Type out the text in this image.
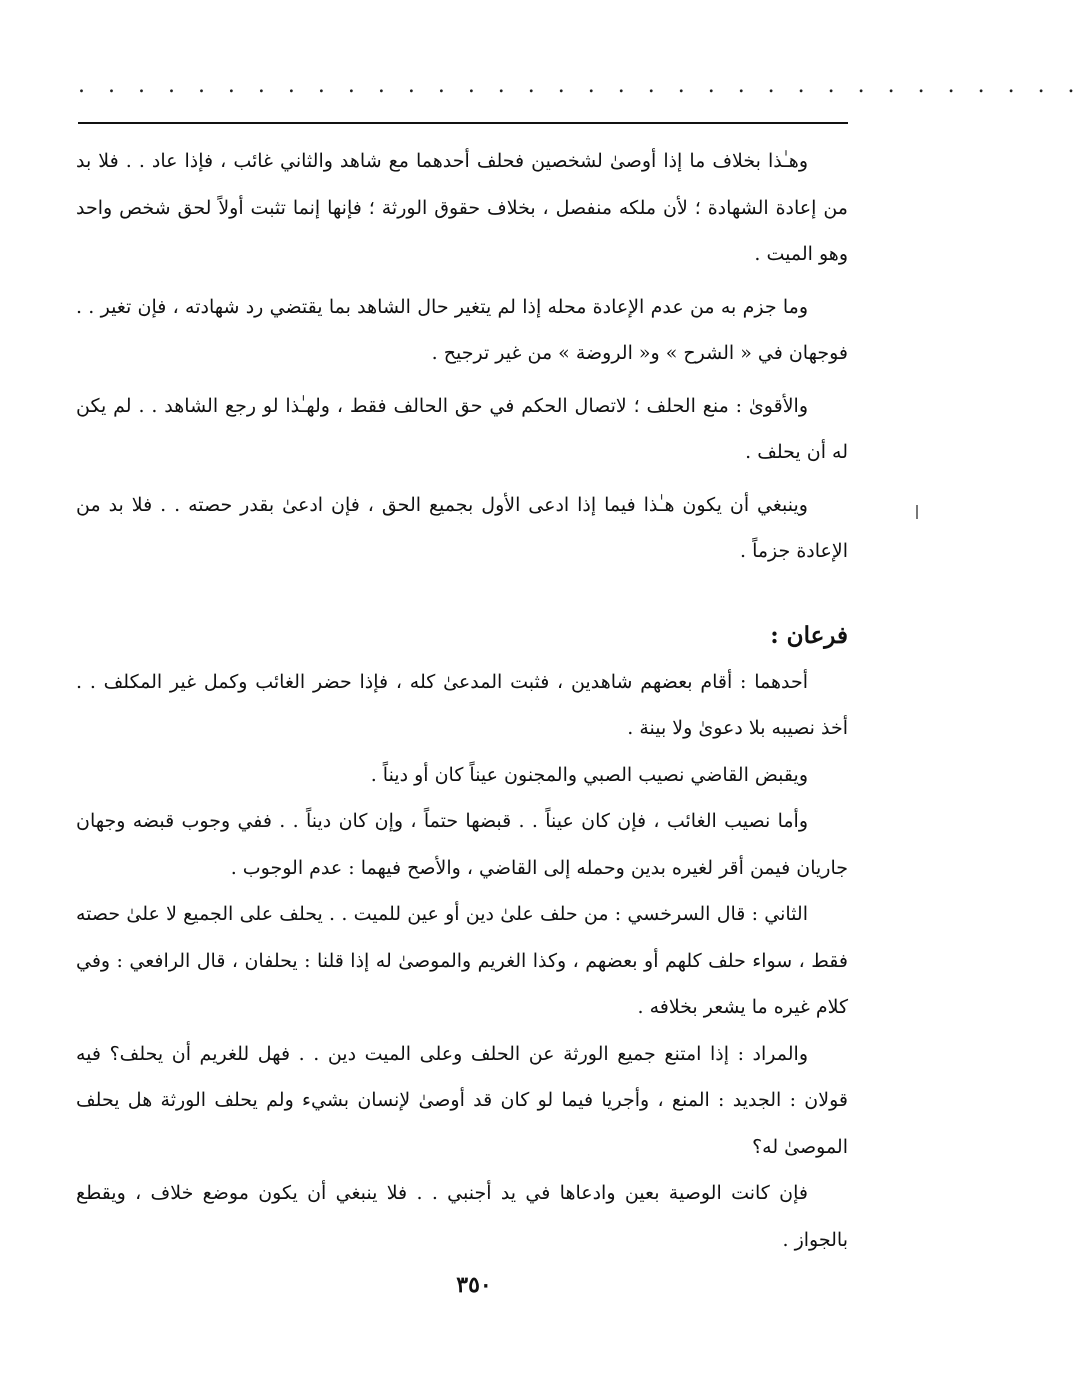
. . . . . . . . . . . . . . . . . . . . . . . . . . . . . . . . . .

وهـٰذا بخلاف ما إذا أوصىٰ لشخصين فحلف أحدهما مع شاهد والثاني غائب ، فإذا عاد . . فلا بد من إعادة الشهادة ؛ لأن ملكه منفصل ، بخلاف حقوق الورثة ؛ فإنها إنما تثبت أولاً لحق شخص واحد وهو الميت .

وما جزم به من عدم الإعادة محله إذا لم يتغير حال الشاهد بما يقتضي رد شهادته ، فإن تغير . . فوجهان في « الشرح » و« الروضة » من غير ترجيح .

والأقوىٰ : منع الحلف ؛ لاتصال الحكم في حق الحالف فقط ، ولهـٰذا لو رجع الشاهد . . لم يكن له أن يحلف .

وينبغي أن يكون هـٰذا فيما إذا ادعى الأول بجميع الحق ، فإن ادعىٰ بقدر حصته . . فلا بد من الإعادة جزماً .

فرعان :

أحدهما : أقام بعضهم شاهدين ، فثبت المدعىٰ كله ، فإذا حضر الغائب وكمل غير المكلف . . أخذ نصيبه بلا دعوىٰ ولا بينة .

ويقبض القاضي نصيب الصبي والمجنون عيناً كان أو ديناً .

وأما نصيب الغائب ، فإن كان عيناً . . قبضها حتماً ، وإن كان ديناً . . ففي وجوب قبضه وجهان جاريان فيمن أقر لغيره بدين وحمله إلى القاضي ، والأصح فيهما : عدم الوجوب .

الثاني : قال السرخسي : من حلف علىٰ دين أو عين للميت . . يحلف على الجميع لا علىٰ حصته فقط ، سواء حلف كلهم أو بعضهم ، وكذا الغريم والموصىٰ له إذا قلنا : يحلفان ، قال الرافعي : وفي كلام غيره ما يشعر بخلافه .

والمراد : إذا امتنع جميع الورثة عن الحلف وعلى الميت دين . . فهل للغريم أن يحلف؟ فيه قولان : الجديد : المنع ، وأجريا فيما لو كان قد أوصىٰ لإنسان بشيء ولم يحلف الورثة هل يحلف الموصىٰ له؟

فإن كانت الوصية بعين وادعاها في يد أجنبي . . فلا ينبغي أن يكون موضع خلاف ، ويقطع بالجواز .

٣٥٠
